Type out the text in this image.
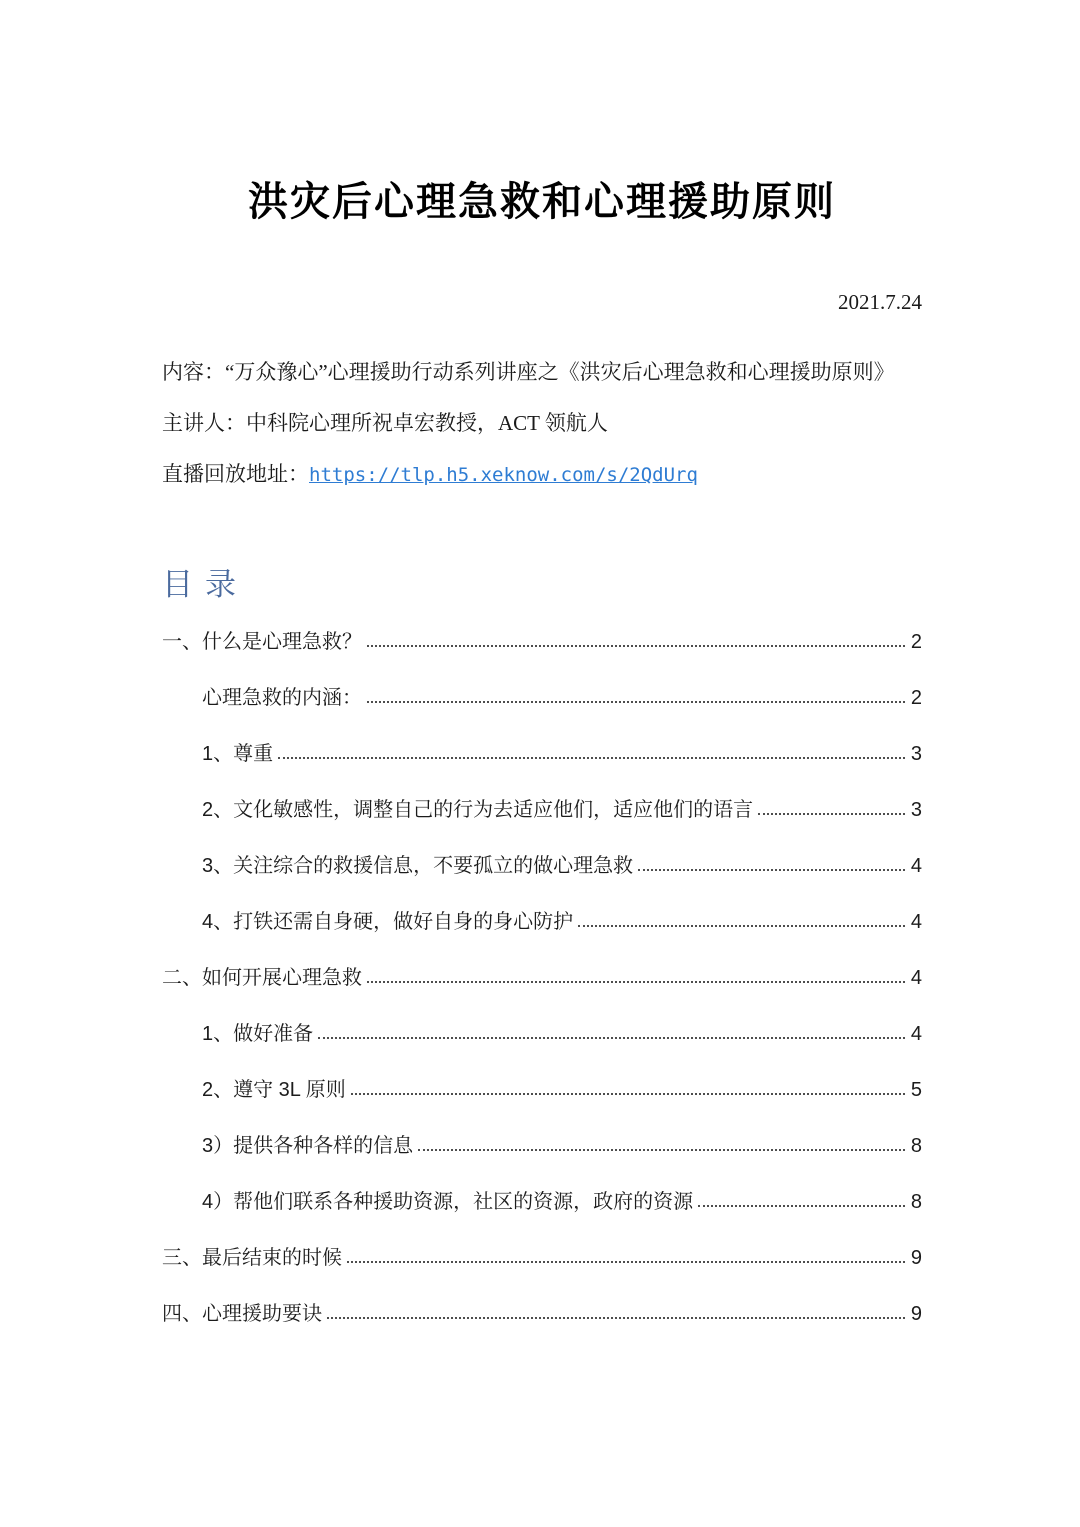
洪灾后心理急救和心理援助原则
2021.7.24

内容：“万众豫心”心理援助行动系列讲座之《洪灾后心理急救和心理援助原则》

主讲人：中科院心理所祝卓宏教授，ACT 领航人

直播回放地址：https://tlp.h5.xeknow.com/s/2QdUrq

目录
一、什么是心理急救？	2
心理急救的内涵：	2
1、尊重	3
2、文化敏感性，调整自己的行为去适应他们，适应他们的语言	3
3、关注综合的救援信息，不要孤立的做心理急救	4
4、打铁还需自身硬，做好自身的身心防护	4
二、如何开展心理急救	4
1、做好准备	4
2、遵守 3L 原则	5
3）提供各种各样的信息	8
4）帮他们联系各种援助资源，社区的资源，政府的资源	8
三、最后结束的时候	9
四、心理援助要诀	9
